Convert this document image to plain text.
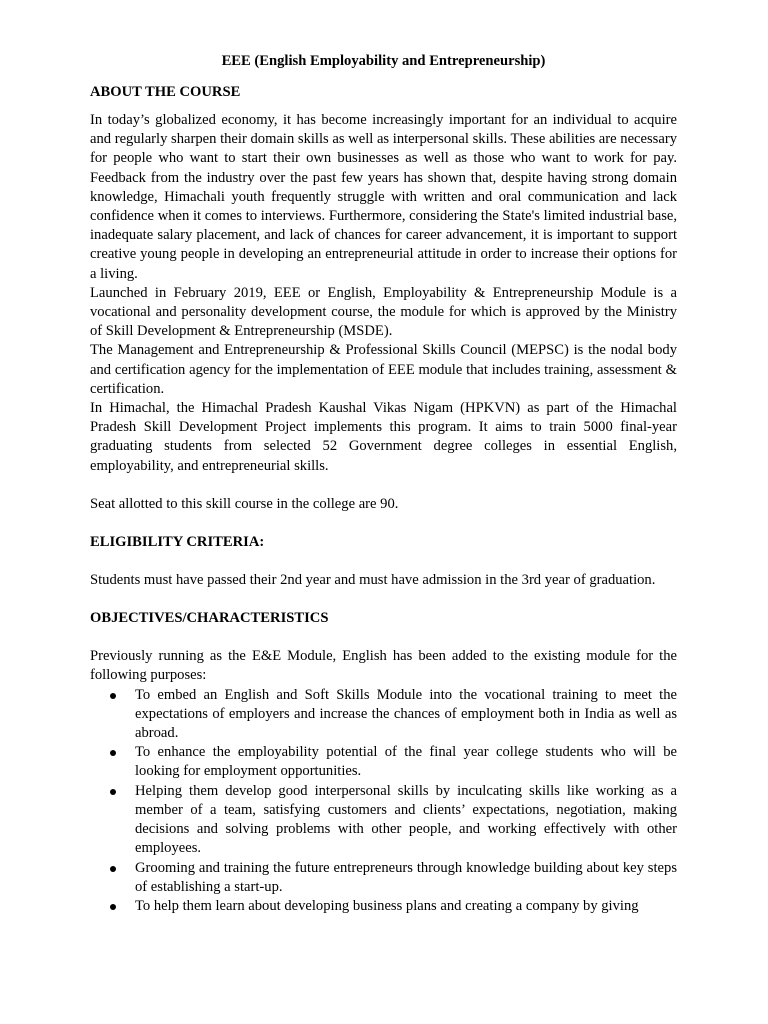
EEE (English Employability and Entrepreneurship)
ABOUT THE COURSE

In today’s globalized economy, it has become increasingly important for an individual to acquire and regularly sharpen their domain skills as well as interpersonal skills. These abilities are necessary for people who want to start their own businesses as well as those who want to work for pay. Feedback from the industry over the past few years has shown that, despite having strong domain knowledge, Himachali youth frequently struggle with written and oral communication and lack confidence when it comes to interviews. Furthermore, considering the State's limited industrial base, inadequate salary placement, and lack of chances for career advancement, it is important to support creative young people in developing an entrepreneurial attitude in order to increase their options for a living.

Launched in February 2019, EEE or English, Employability & Entrepreneurship Module is a vocational and personality development course, the module for which is approved by the Ministry of Skill Development & Entrepreneurship (MSDE).

The Management and Entrepreneurship & Professional Skills Council (MEPSC) is the nodal body and certification agency for the implementation of EEE module that includes training, assessment & certification.

In Himachal, the Himachal Pradesh Kaushal Vikas Nigam (HPKVN) as part of the Himachal Pradesh Skill Development Project implements this program. It aims to train 5000 final-year graduating students from selected 52 Government degree colleges in essential English, employability, and entrepreneurial skills.

Seat allotted to this skill course in the college are 90.

ELIGIBILITY CRITERIA:

Students must have passed their 2nd year and must have admission in the 3rd year of graduation.

OBJECTIVES/CHARACTERISTICS

Previously running as the E&E Module, English has been added to the existing module for the following purposes:

To embed an English and Soft Skills Module into the vocational training to meet the expectations of employers and increase the chances of employment both in India as well as abroad.
To enhance the employability potential of the final year college students who will be looking for employment opportunities.
Helping them develop good interpersonal skills by inculcating skills like working as a member of a team, satisfying customers and clients’ expectations, negotiation, making decisions and solving problems with other people, and working effectively with other employees.
Grooming and training the future entrepreneurs through knowledge building about key steps of establishing a start-up.
To help them learn about developing business plans and creating a company by giving
